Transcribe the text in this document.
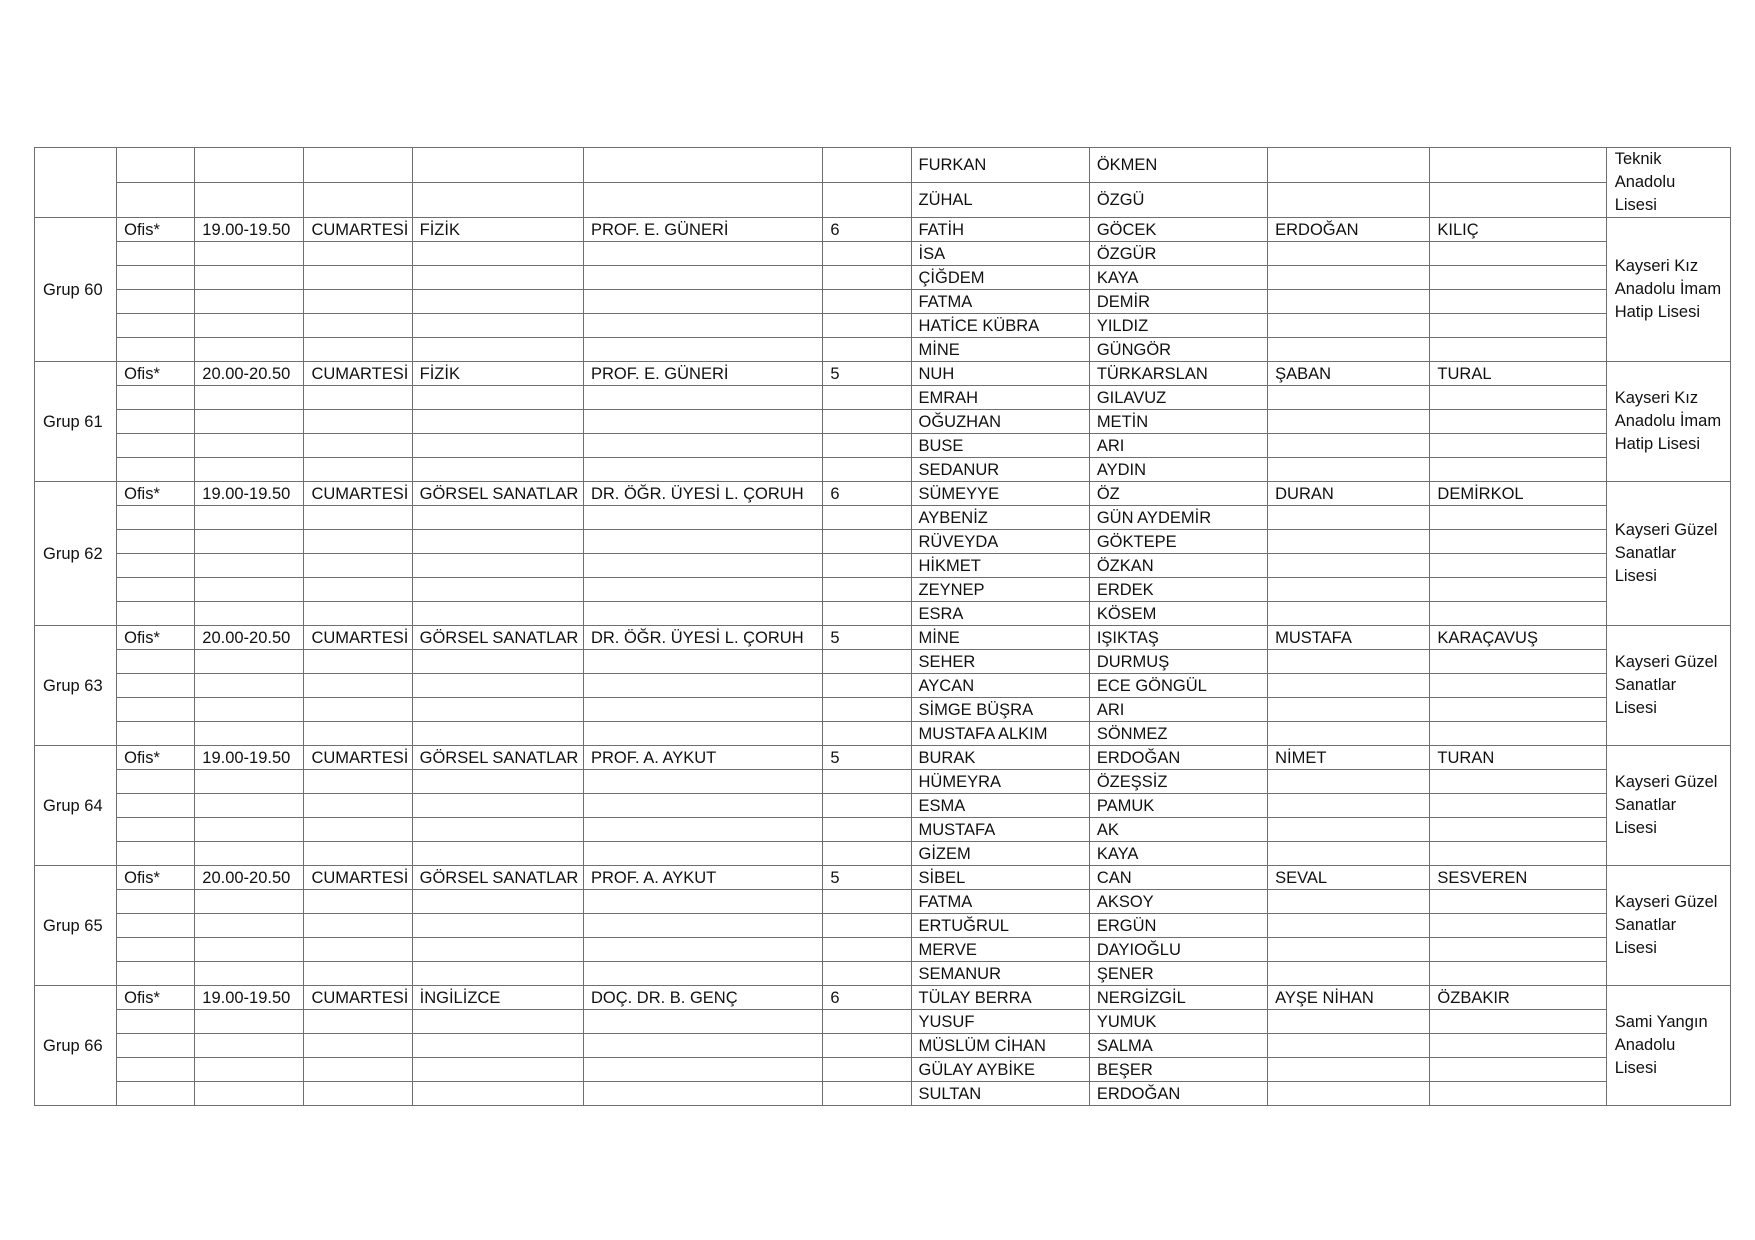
							FURKAN	ÖKMEN			Teknik Anadolu Lisesi
							ZÜHAL	ÖZGÜ			
Grup 60	Ofis*	19.00-19.50	CUMARTESİ	FİZİK	PROF. E. GÜNERİ	6	FATİH	GÖCEK	ERDOĞAN	KILIÇ	Kayseri Kız Anadolu İmam Hatip Lisesi
							İSA	ÖZGÜR			
							ÇİĞDEM	KAYA			
							FATMA	DEMİR			
							HATİCE KÜBRA	YILDIZ			
							MİNE	GÜNGÖR			
Grup 61	Ofis*	20.00-20.50	CUMARTESİ	FİZİK	PROF. E. GÜNERİ	5	NUH	TÜRKARSLAN	ŞABAN	TURAL	Kayseri Kız Anadolu İmam Hatip Lisesi
							EMRAH	GILAVUZ			
							OĞUZHAN	METİN			
							BUSE	ARI			
							SEDANUR	AYDIN			
Grup 62	Ofis*	19.00-19.50	CUMARTESİ	GÖRSEL SANATLAR	DR. ÖĞR. ÜYESİ L. ÇORUH	6	SÜMEYYE	ÖZ	DURAN	DEMİRKOL	Kayseri Güzel Sanatlar Lisesi
							AYBENİZ	GÜN AYDEMİR			
							RÜVEYDA	GÖKTEPE			
							HİKMET	ÖZKAN			
							ZEYNEP	ERDEK			
							ESRA	KÖSEM			
Grup 63	Ofis*	20.00-20.50	CUMARTESİ	GÖRSEL SANATLAR	DR. ÖĞR. ÜYESİ L. ÇORUH	5	MİNE	IŞIKTAŞ	MUSTAFA	KARAÇAVUŞ	Kayseri Güzel Sanatlar Lisesi
							SEHER	DURMUŞ			
							AYCAN	ECE GÖNGÜL			
							SİMGE BÜŞRA	ARI			
							MUSTAFA ALKIM	SÖNMEZ			
Grup 64	Ofis*	19.00-19.50	CUMARTESİ	GÖRSEL SANATLAR	PROF. A. AYKUT	5	BURAK	ERDOĞAN	NİMET	TURAN	Kayseri Güzel Sanatlar Lisesi
							HÜMEYRA	ÖZEŞSİZ			
							ESMA	PAMUK			
							MUSTAFA	AK			
							GİZEM	KAYA			
Grup 65	Ofis*	20.00-20.50	CUMARTESİ	GÖRSEL SANATLAR	PROF. A. AYKUT	5	SİBEL	CAN	SEVAL	SESVEREN	Kayseri Güzel Sanatlar Lisesi
							FATMA	AKSOY			
							ERTUĞRUL	ERGÜN			
							MERVE	DAYIOĞLU			
							SEMANUR	ŞENER			
Grup 66	Ofis*	19.00-19.50	CUMARTESİ	İNGİLİZCE	DOÇ. DR. B. GENÇ	6	TÜLAY BERRA	NERGİZGİL	AYŞE NİHAN	ÖZBAKIR	Sami Yangın Anadolu Lisesi
							YUSUF	YUMUK			
							MÜSLÜM CİHAN	SALMA			
							GÜLAY AYBİKE	BEŞER			
							SULTAN	ERDOĞAN			
